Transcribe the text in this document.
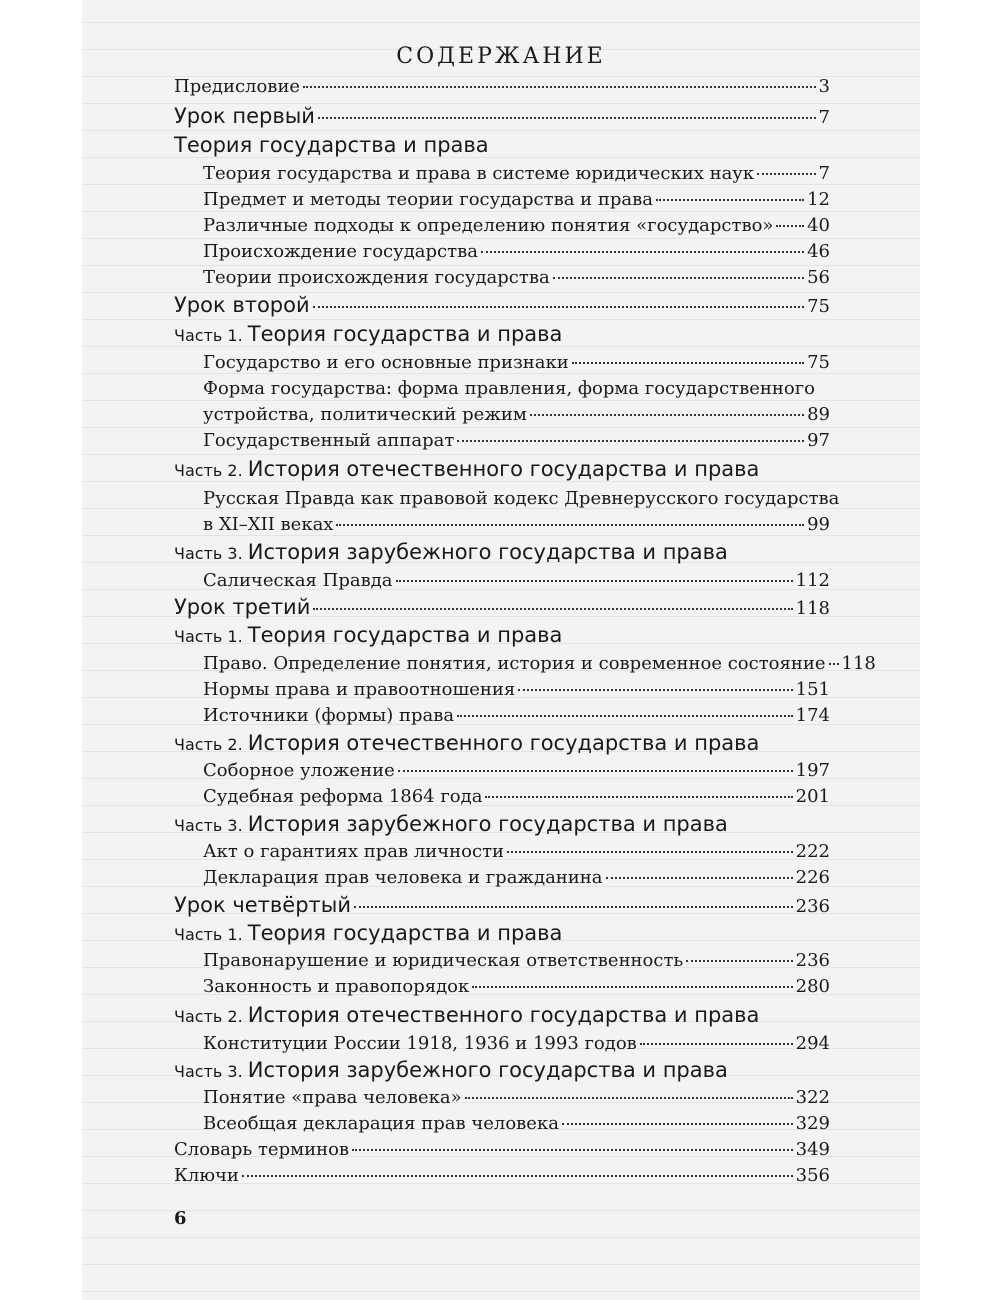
СОДЕРЖАНИЕ
Предисловие	3
Урок первый	7
Теория государства и права
Теория государства и права в системе юридических наук	7
Предмет и методы теории государства и права	12
Различные подходы к определению понятия «государство» 40
Происхождение государства	46
Теории происхождения государства	56
Урок второй	75
Часть 1. Теория государства и права
Государство и его основные признаки	75
Форма государства: форма правления, форма государственного
устройства, политический режим	89
Государственный аппарат	97
Часть 2. История отечественного государства и права
Русская Правда как правовой кодекс Древнерусского государства
в XI–XII веках	99
Часть 3. История зарубежного государства и права
Салическая Правда	112
Урок третий	118
Часть 1. Теория государства и права
Право. Определение понятия, история и современное состояние 118
Нормы права и правоотношения	151
Источники (формы) права	174
Часть 2. История отечественного государства и права
Соборное уложение	197
Судебная реформа 1864 года	201
Часть 3. История зарубежного государства и права
Акт о гарантиях прав личности	222
Декларация прав человека и гражданина	226
Урок четвёртый	236
Часть 1. Теория государства и права
Правонарушение и юридическая ответственность	236
Законность и правопорядок	280
Часть 2. История отечественного государства и права
Конституции России 1918, 1936 и 1993 годов	294
Часть 3. История зарубежного государства и права
Понятие «права человека»	322
Всеобщая декларация прав человека	329
Словарь терминов	349
Ключи	356
6
